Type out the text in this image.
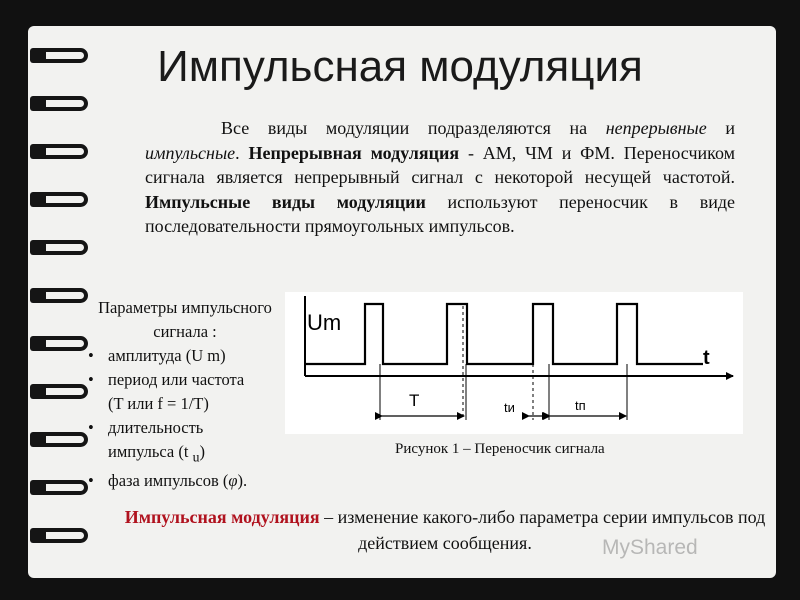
Импульсная модуляция
Все виды модуляции подразделяются на непрерывные и импульсные. Непрерывная модуляция - АМ, ЧМ и ФМ. Переносчиком сигнала является непрерывный сигнал с некоторой несущей частотой. Импульсные виды модуляции используют переносчик в виде последовательности прямоугольных импульсов.
Параметры импульсного сигнала :
• амплитуда (U m)
• период или частота
(T или f = 1/T)
• длительность
импульса (t $_u$)
• фаза импульсов (φ).
Um
t
T	tи	tп
Рисунок 1 – Переносчик сигнала
Импульсная модуляция – изменение какого-либо параметра серии импульсов под действием сообщения.	MyShared
